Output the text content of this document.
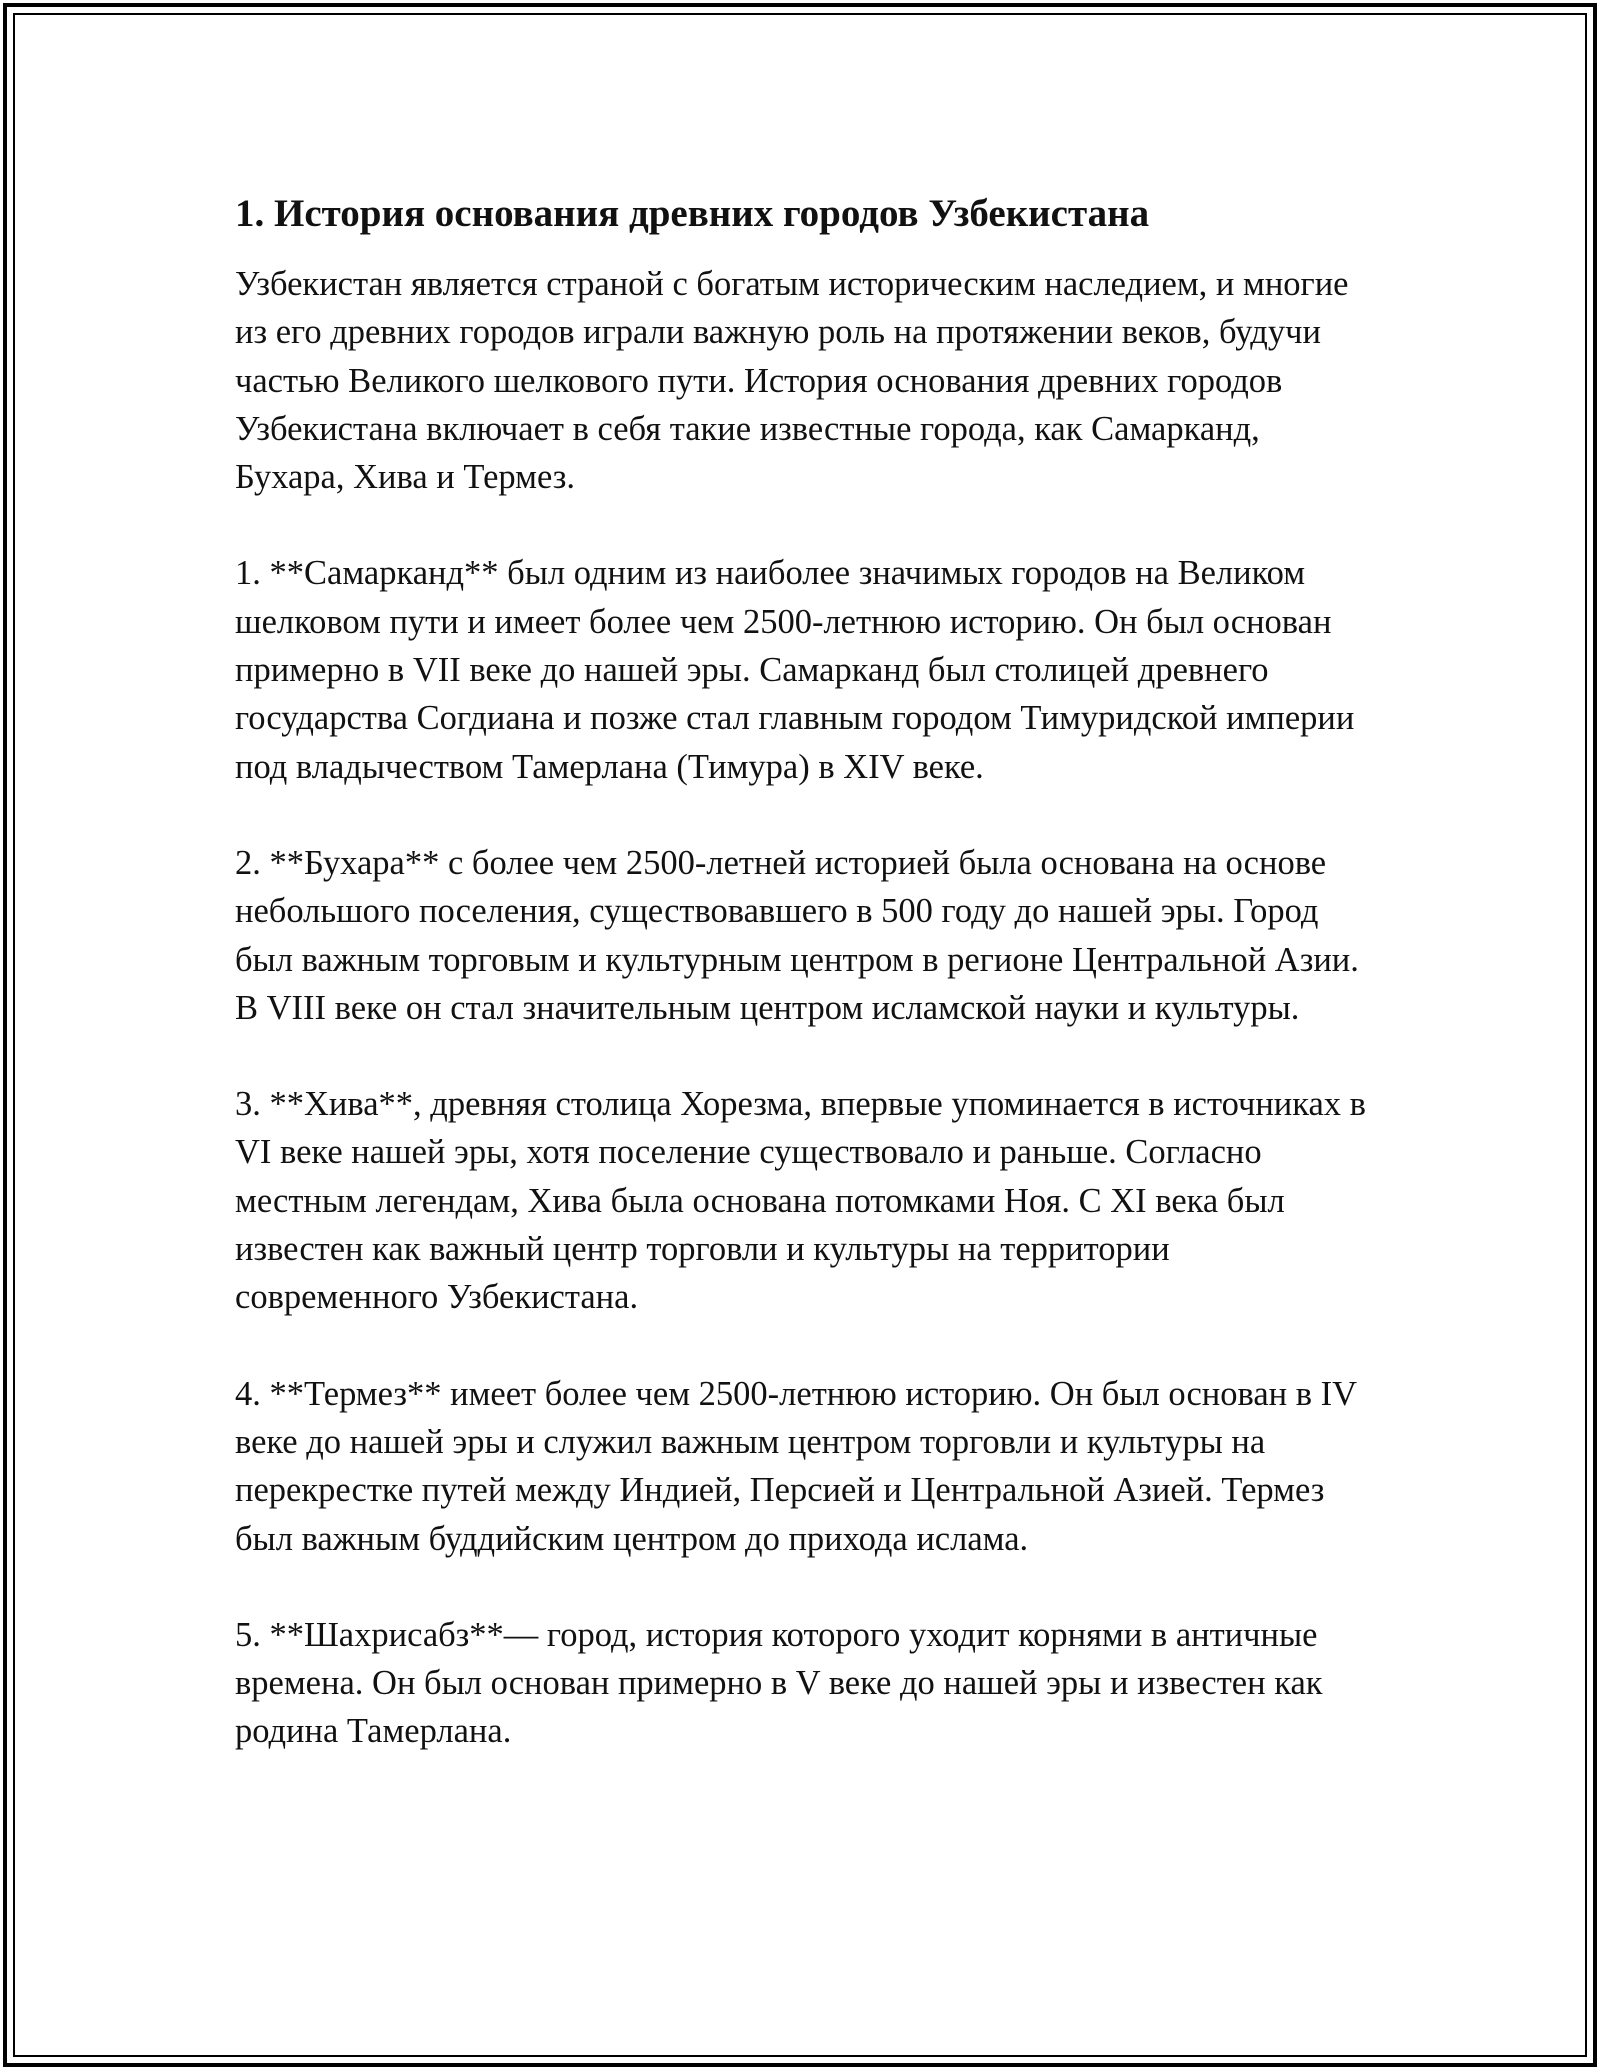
1. История основания древних городов Узбекистана

Узбекистан является страной с богатым историческим наследием, и многие из его древних городов играли важную роль на протяжении веков, будучи частью Великого шелкового пути. История основания древних городов Узбекистана включает в себя такие известные города, как Самарканд, Бухара, Хива и Термез.

1. **Самарканд** был одним из наиболее значимых городов на Великом шелковом пути и имеет более чем 2500-летнюю историю. Он был основан примерно в VII веке до нашей эры. Самарканд был столицей древнего государства Согдиана и позже стал главным городом Тимуридской империи под владычеством Тамерлана (Тимура) в XIV веке.

2. **Бухара** с более чем 2500-летней историей была основана на основе небольшого поселения, существовавшего в 500 году до нашей эры. Город был важным торговым и культурным центром в регионе Центральной Азии. В VIII веке он стал значительным центром исламской науки и культуры.

3. **Хива**, древняя столица Хорезма, впервые упоминается в источниках в VI веке нашей эры, хотя поселение существовало и раньше. Согласно местным легендам, Хива была основана потомками Ноя. С XI века был известен как важный центр торговли и культуры на территории современного Узбекистана.

4. **Термез** имеет более чем 2500-летнюю историю. Он был основан в IV веке до нашей эры и служил важным центром торговли и культуры на перекрестке путей между Индией, Персией и Центральной Азией. Термез был важным буддийским центром до прихода ислама.

5. **Шахрисабз**— город, история которого уходит корнями в античные времена. Он был основан примерно в V веке до нашей эры и известен как родина Тамерлана.
